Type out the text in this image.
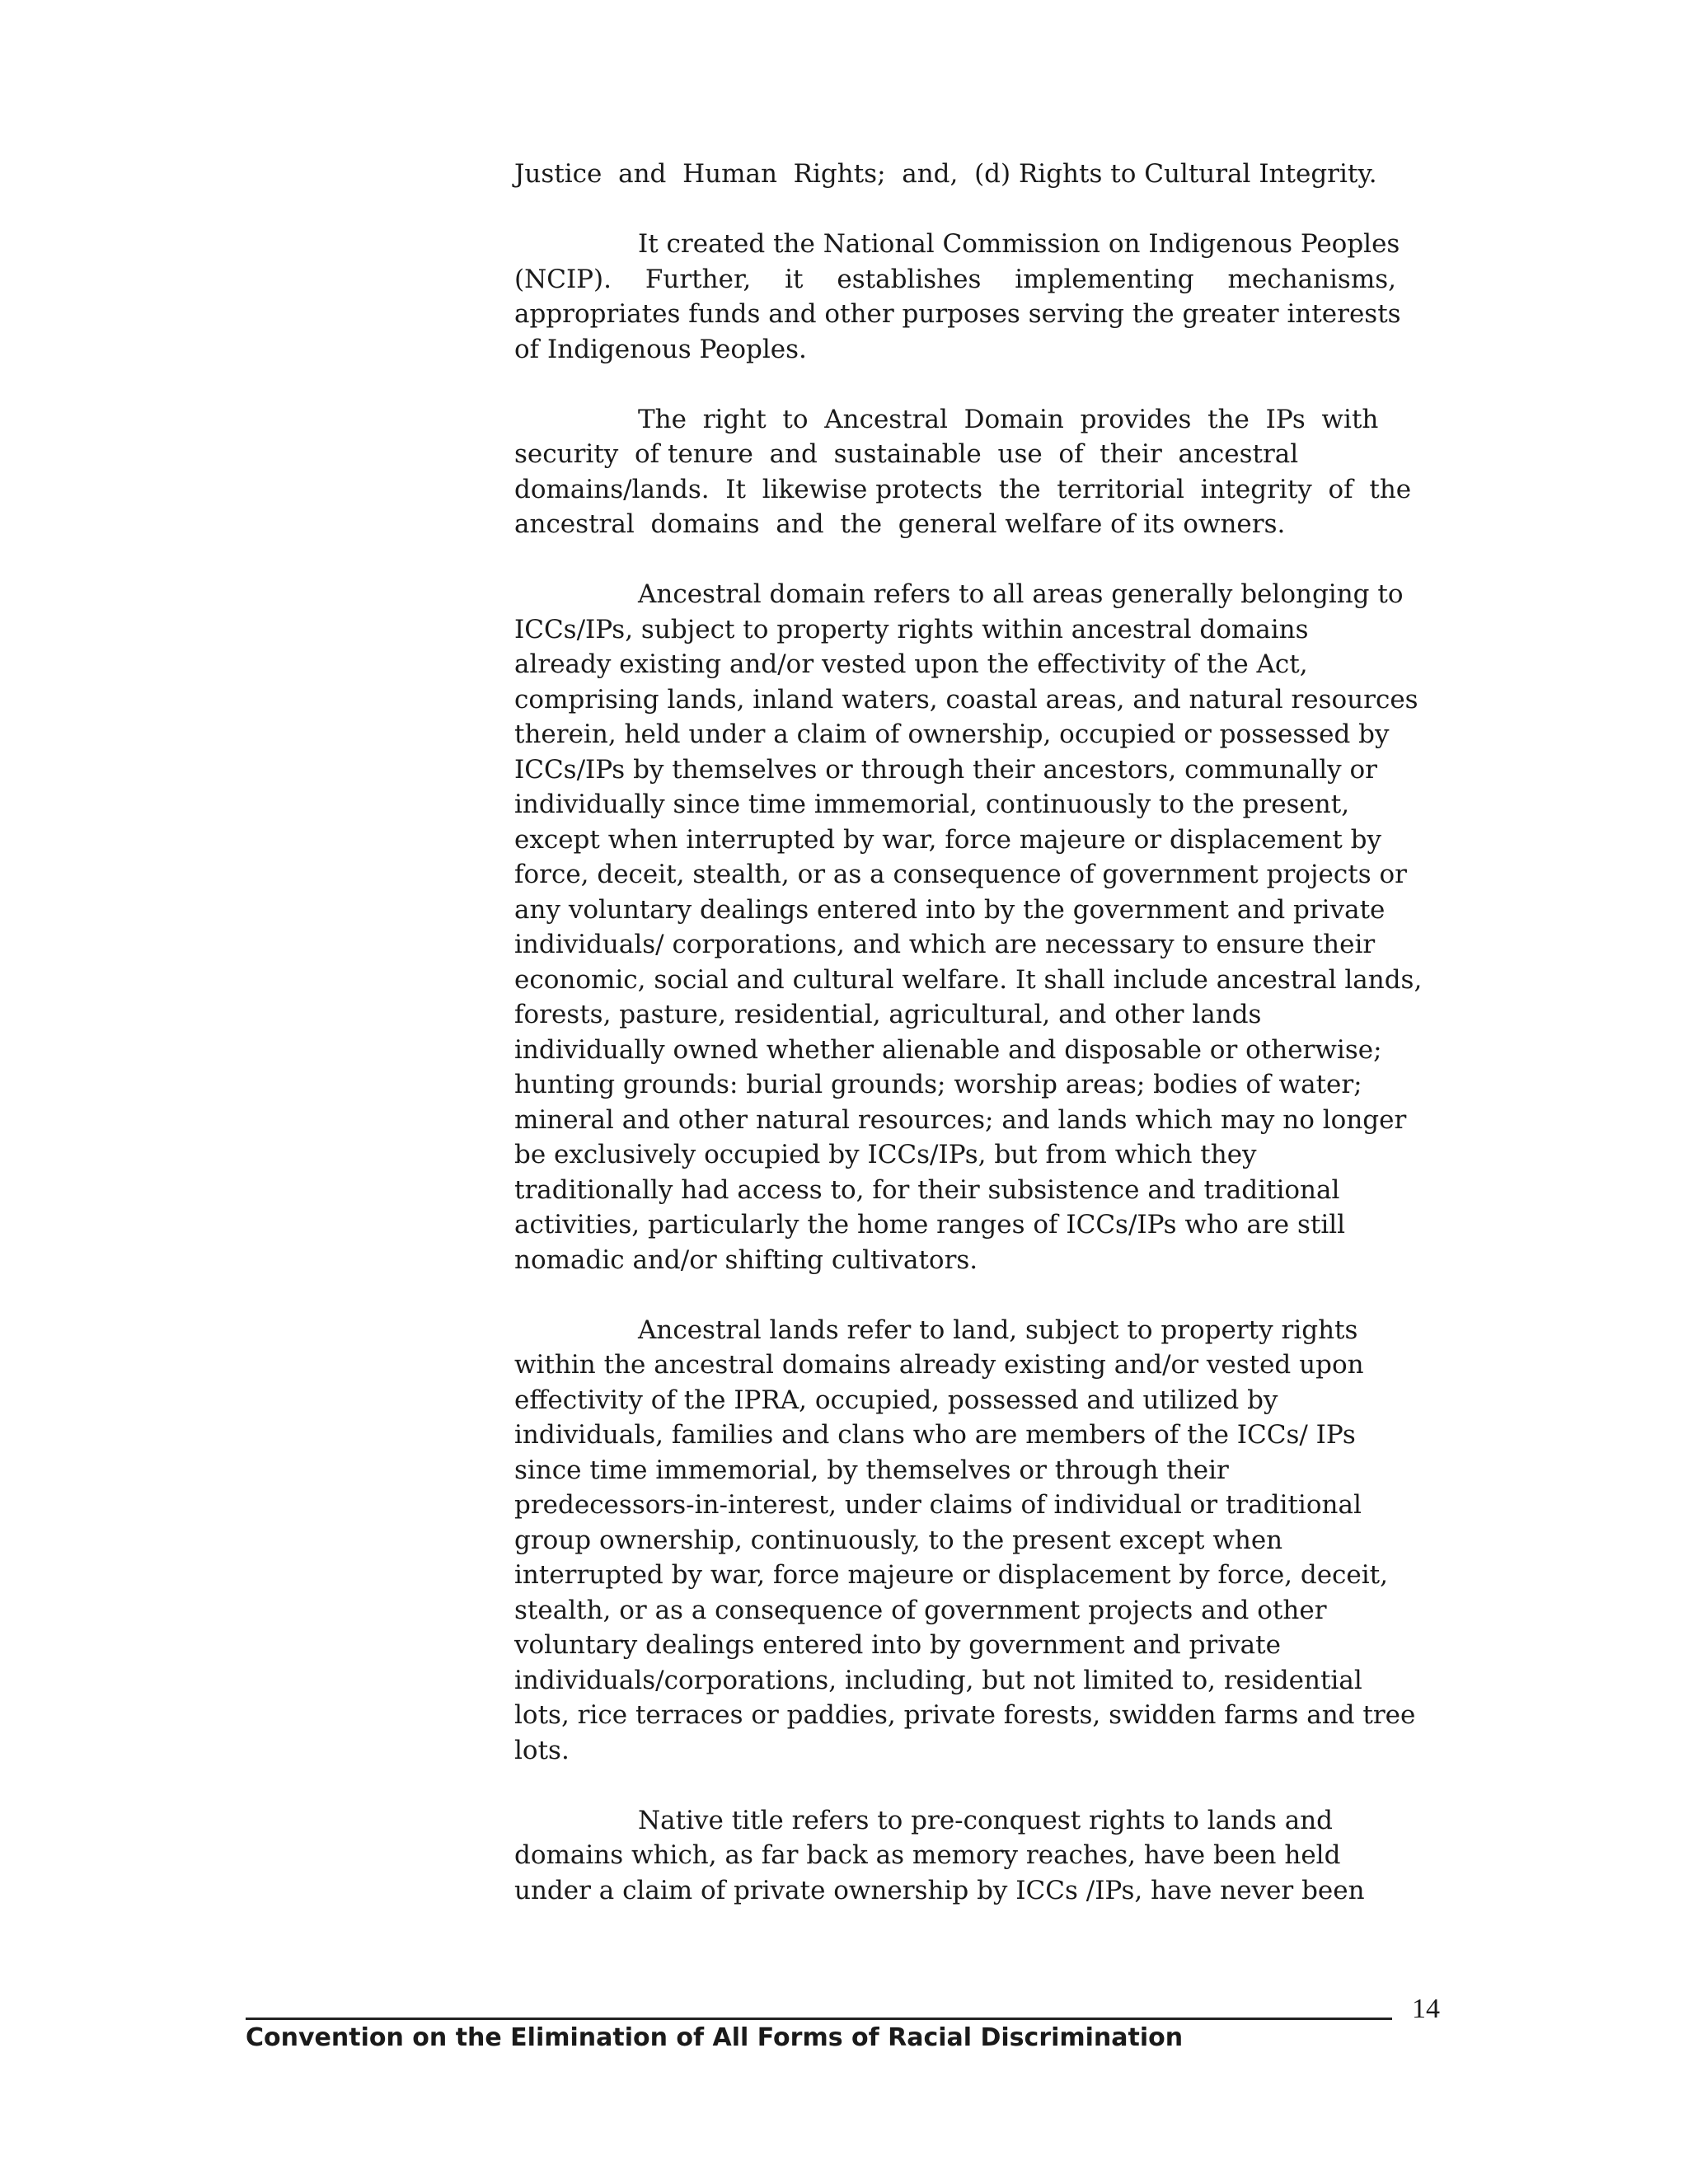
Justice  and  Human  Rights;  and,  (d) Rights to Cultural Integrity.
It created the National Commission on Indigenous Peoples
(NCIP).  Further,  it  establishes  implementing  mechanisms,
appropriates funds and other purposes serving the greater interests
of Indigenous Peoples.
The  right  to  Ancestral  Domain  provides  the  IPs  with
security  of tenure  and  sustainable  use  of  their  ancestral
domains/lands.  It  likewise protects  the  territorial  integrity  of  the
ancestral  domains  and  the  general welfare of its owners.
Ancestral domain refers to all areas generally belonging to
ICCs/IPs, subject to property rights within ancestral domains
already existing and/or vested upon the effectivity of the Act,
comprising lands, inland waters, coastal areas, and natural resources
therein, held under a claim of ownership, occupied or possessed by
ICCs/IPs by themselves or through their ancestors, communally or
individually since time immemorial, continuously to the present,
except when interrupted by war, force majeure or displacement by
force, deceit, stealth, or as a consequence of government projects or
any voluntary dealings entered into by the government and private
individuals/ corporations, and which are necessary to ensure their
economic, social and cultural welfare. It shall include ancestral lands,
forests, pasture, residential, agricultural, and other lands
individually owned whether alienable and disposable or otherwise;
hunting grounds: burial grounds; worship areas; bodies of water;
mineral and other natural resources; and lands which may no longer
be exclusively occupied by ICCs/IPs, but from which they
traditionally had access to, for their subsistence and traditional
activities, particularly the home ranges of ICCs/IPs who are still
nomadic and/or shifting cultivators.
Ancestral lands refer to land, subject to property rights
within the ancestral domains already existing and/or vested upon
effectivity of the IPRA, occupied, possessed and utilized by
individuals, families and clans who are members of the ICCs/ IPs
since time immemorial, by themselves or through their
predecessors-in-interest, under claims of individual or traditional
group ownership, continuously, to the present except when
interrupted by war, force majeure or displacement by force, deceit,
stealth, or as a consequence of government projects and other
voluntary dealings entered into by government and private
individuals/corporations, including, but not limited to, residential
lots, rice terraces or paddies, private forests, swidden farms and tree
lots.
Native title refers to pre-conquest rights to lands and
domains which, as far back as memory reaches, have been held
under a claim of private ownership by ICCs /IPs, have never been
14
Convention on the Elimination of All Forms of Racial Discrimination
